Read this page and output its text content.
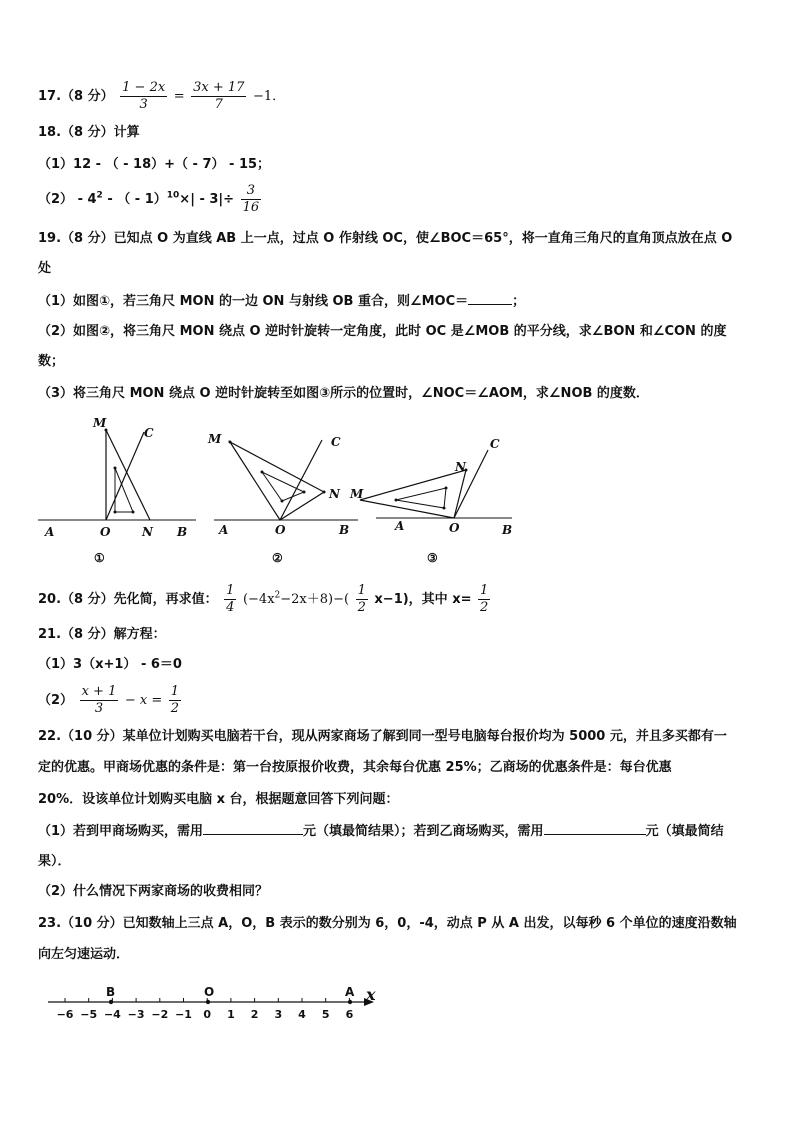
17.（8 分） $\frac{1 - 2x}{3} = \frac{3x + 17}{7} -1$．
18.（8 分）计算
（1）12 - （ - 18）+（ - 7） - 15；
$(2) - 4^2$ - （ - $1)^{10}\times| - 3|\div \frac{3}{16}$
19.（8 分）已知点 O 为直线 AB 上一点，过点 O 作射线 OC，使∠BOC＝65°，将一直角三角尺的直角顶点放在点 O
处
（1）如图①，若三角尺 MON 的一边 ON 与射线 OB 重合，则∠MOC＝	；
（2）如图②，将三角尺 MON 绕点 O 逆时针旋转一定角度，此时 OC 是∠MOB 的平分线，求∠BON 和∠CON 的度
数；
（3）将三角尺 MON 绕点 O 逆时针旋转至如图③所示的位置时，∠NOC＝∠AOM，求∠NOB 的度数．
M
C
A	O	N B
①
M	C
N
A	O	B
②
C
N
M
A	O	B
③
20.（8 分）先化简，再求值： $\frac{1}{4} (-4x^2-2x+8)-( \frac{1}{2} x-1)$，其中 $x= \frac{1}{2}$
21.（8 分）解方程：
（1）3（x+1） - 6＝0
$(2) \frac{x + 1}{3} - x = \frac{1}{2}$
22.（10 分）某单位计划购买电脑若干台，现从两家商场了解到同一型号电脑每台报价均为 5000 元，并且多买都有一
定的优惠。甲商场优惠的条件是：第一台按原报价收费，其余每台优惠 25%；乙商场的优惠条件是：每台优惠
20%．设该单位计划购买电脑 x 台，根据题意回答下列问题：
（1）若到甲商场购买，需用	元（填最简结果）；若到乙商场购买，需用	元（填最简结
果）．
（2）什么情况下两家商场的收费相同？
23.（10 分）已知数轴上三点 A，O，B 表示的数分别为 6，0，-4，动点 P 从 A 出发，以每秒 6 个单位的速度沿数轴
向左匀速运动．
−6 −5 −4 −3 −2 −1 0 1 2 3 4 5 6
B	O	A x
